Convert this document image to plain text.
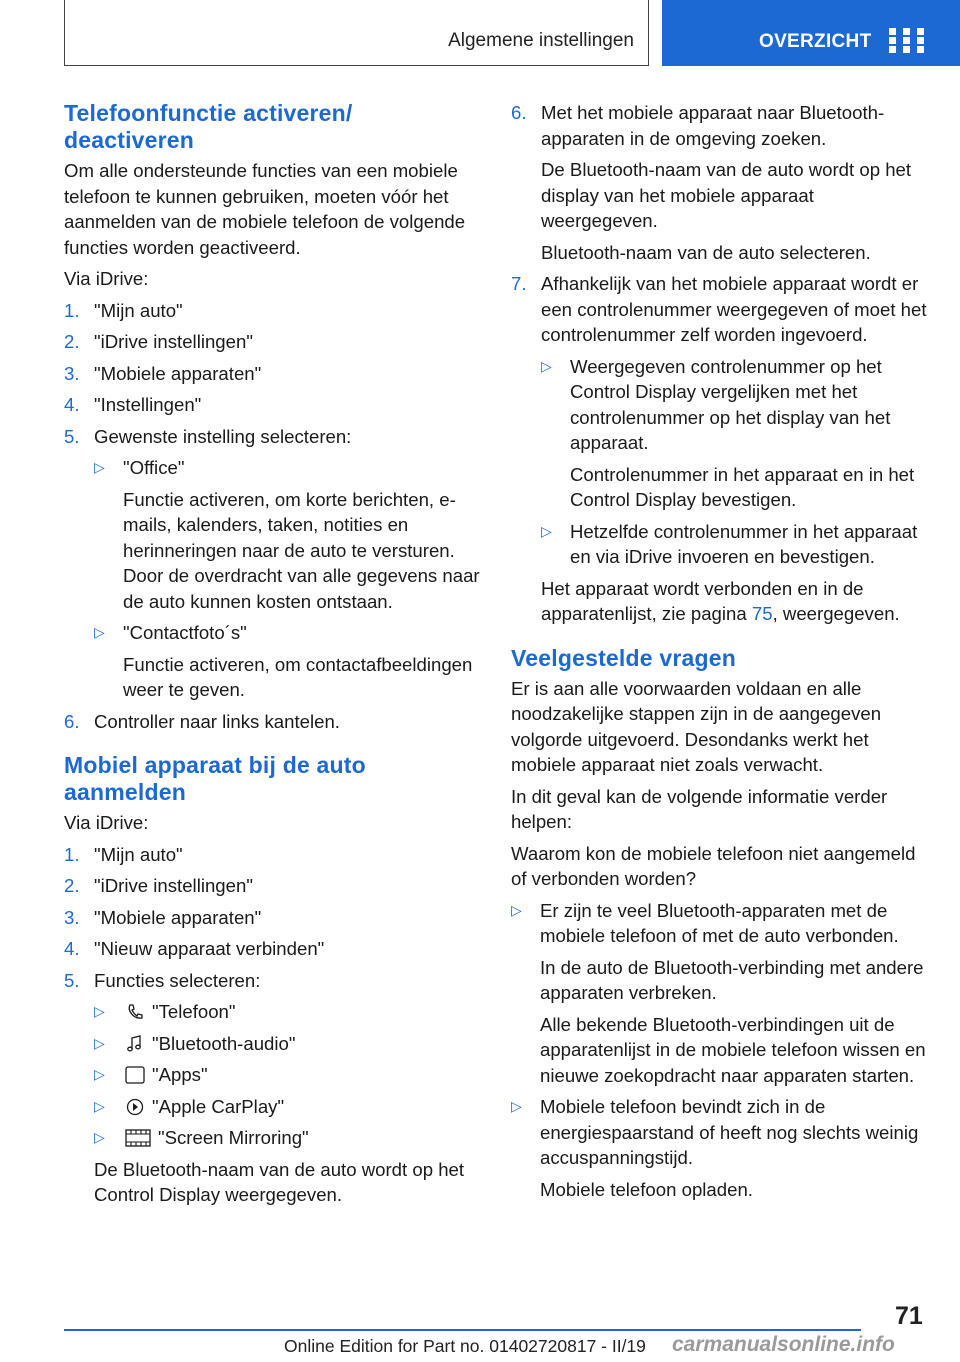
Algemene instellingen	OVERZICHT
Telefoonfunctie activeren/ deactiveren

Om alle ondersteunde functies van een mobiele telefoon te kunnen gebruiken, moeten vóór het aanmelden van de mobiele telefoon de volgende functies worden geactiveerd.

Via iDrive:

1. "Mijn auto"
2. "iDrive instellingen"
3. "Mobiele apparaten"
4. "Instellingen"
5. Gewenste instelling selecteren:
▷ "Office"

Functie activeren, om korte berichten, e-mails, kalenders, taken, notities en herinneringen naar de auto te versturen. Door de overdracht van alle gegevens naar de auto kunnen kosten ontstaan.

▷ "Contactfoto´s"

Functie activeren, om contactafbeeldingen weer te geven.

6. Controller naar links kantelen.
Mobiel apparaat bij de auto aanmelden

Via iDrive:

1. "Mijn auto"
2. "iDrive instellingen"
3. "Mobiele apparaten"
4. "Nieuw apparaat verbinden"
5. Functies selecteren:
▷	"Telefoon"
▷	"Bluetooth-audio"
▷	"Apps"
▷	"Apple CarPlay"
▷	"Screen Mirroring"

De Bluetooth-naam van de auto wordt op het Control Display weergegeven.

6. Met het mobiele apparaat naar Bluetooth-apparaten in de omgeving zoeken.

De Bluetooth-naam van de auto wordt op het display van het mobiele apparaat weergegeven.

Bluetooth-naam van de auto selecteren.

7. Afhankelijk van het mobiele apparaat wordt er een controlenummer weergegeven of moet het controlenummer zelf worden ingevoerd.

▷ Weergegeven controlenummer op het Control Display vergelijken met het controlenummer op het display van het apparaat.

Controlenummer in het apparaat en in het Control Display bevestigen.

▷ Hetzelfde controlenummer in het apparaat en via iDrive invoeren en bevestigen.

Het apparaat wordt verbonden en in de apparatenlijst, zie pagina 75, weergegeven.

Veelgestelde vragen

Er is aan alle voorwaarden voldaan en alle noodzakelijke stappen zijn in de aangegeven volgorde uitgevoerd. Desondanks werkt het mobiele apparaat niet zoals verwacht.

In dit geval kan de volgende informatie verder helpen:

Waarom kon de mobiele telefoon niet aangemeld of verbonden worden?

▷ Er zijn te veel Bluetooth-apparaten met de mobiele telefoon of met de auto verbonden.

In de auto de Bluetooth-verbinding met andere apparaten verbreken.

Alle bekende Bluetooth-verbindingen uit de apparatenlijst in de mobiele telefoon wissen en nieuwe zoekopdracht naar apparaten starten.

▷ Mobiele telefoon bevindt zich in de energiespaarstand of heeft nog slechts weinig accuspanningstijd.

Mobiele telefoon opladen.

71
Online Edition for Part no. 01402720817 - II/19 carmanualsonline.info
